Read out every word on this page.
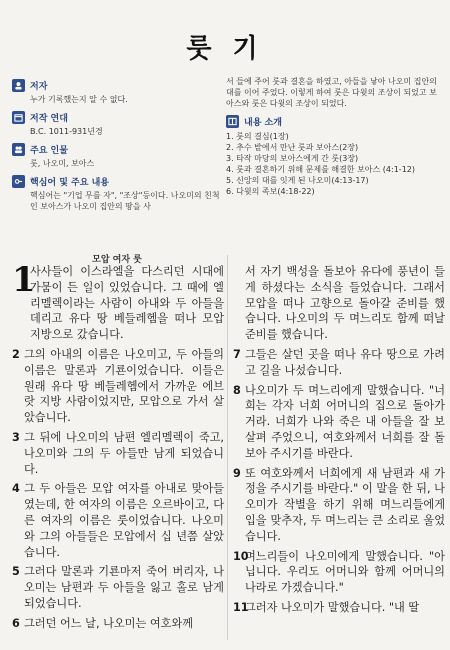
룻 기
저자
누가 기록했는지 알 수 없다.
저작 연대
B.C. 1011-931년경
주요 인물
룻, 나오미, 보아스
핵심어 및 주요 내용
핵심어는 "기업 무를 자", "조상"등이다. 나오미의 친척인 보아스가 나오미 집안의 땅을 사

서 들에 주어 룻과 결혼을 하였고, 아들을 낳아 나오미 집안의 대를 이어 주었다. 이렇게 하여 룻은 다윗의 조상이 되었고 보아스와 룻은 다윗의 조상이 되었다.

내용 소개
1. 룻의 결심(1장)
2. 추수 밭에서 만난 룻과 보아스(2장)
3. 타작 마당의 보아스에게 간 룻(3장)
4. 룻과 결혼하기 위해 문제를 해결한 보아스 (4:1-12)
5. 신앙의 대를 잇게 된 나오미(4:13-17)
6. 다윗의 족보(4:18-22)
모압 여자 룻
1
사사들이 이스라엘을 다스리던 시대에 가뭄이 든 일이 있었습니다. 그 때에 엘리멜렉이라는 사람이 아내와 두 아들을 데리고 유다 땅 베들레헴을 떠나 모압 지방으로 갔습니다.
2 그의 아내의 이름은 나오미고, 두 아들의 이름은 말론과 기룐이었습니다. 이들은 원래 유다 땅 베들레헴에서 가까운 에브랏 지방 사람이었지만, 모압으로 가서 살았습니다.
3 그 뒤에 나오미의 남편 엘리멜렉이 죽고, 나오미와 그의 두 아들만 남게 되었습니다.
4 그 두 아들은 모압 여자를 아내로 맞아들였는데, 한 여자의 이름은 오르바이고, 다른 여자의 이름은 룻이었습니다. 나오미와 그의 아들들은 모압에서 십 년쯤 살았습니다.
5 그러다 말론과 기룐마저 죽어 버리자, 나오미는 남편과 두 아들을 잃고 홀로 남게 되었습니다.
6 그러던 어느 날, 나오미는 여호와께
서 자기 백성을 돌보아 유다에 풍년이 들게 하셨다는 소식을 들었습니다. 그래서 모압을 떠나 고향으로 돌아갈 준비를 했습니다. 나오미의 두 며느리도 함께 떠날 준비를 했습니다.
7 그들은 살던 곳을 떠나 유다 땅으로 가려고 길을 나섰습니다.
8 나오미가 두 며느리에게 말했습니다. "너희는 각자 너희 어머니의 집으로 돌아가거라. 너희가 나와 죽은 내 아들을 잘 보살펴 주었으니, 여호와께서 너희를 잘 돌보아 주시기를 바란다.
9 또 여호와께서 너희에게 새 남편과 새 가정을 주시기를 바란다." 이 말을 한 뒤, 나오미가 작별을 하기 위해 며느리들에게 입을 맞추자, 두 며느리는 큰 소리로 울었습니다.
10
며느리들이 나오미에게 말했습니다. "아닙니다. 우리도 어머니와 함께 어머니의 나라로 가겠습니다."
11
그러자 나오미가 말했습니다. "내 딸
